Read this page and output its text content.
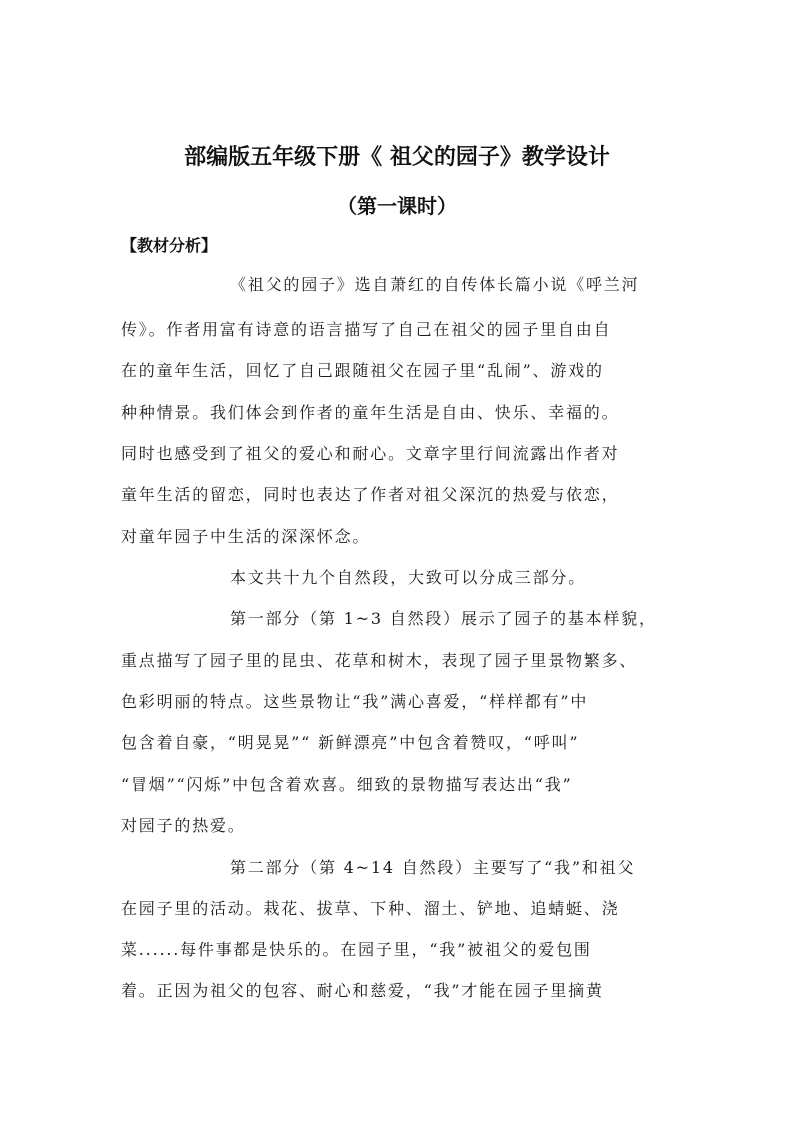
部编版五年级下册《 祖父的园子》教学设计
（第一课时）
【教材分析】
《祖父的园子》选自萧红的自传体长篇小说《呼兰河
传》。作者用富有诗意的语言描写了自己在祖父的园子里自由自
在的童年生活，回忆了自己跟随祖父在园子里“乱闹”、游戏的
种种情景。我们体会到作者的童年生活是自由、快乐、幸福的。
同时也感受到了祖父的爱心和耐心。文章字里行间流露出作者对
童年生活的留恋，同时也表达了作者对祖父深沉的热爱与依恋，
对童年园子中生活的深深怀念。
本文共十九个自然段，大致可以分成三部分。
第一部分（第 1~3 自然段）展示了园子的基本样貌，
重点描写了园子里的昆虫、花草和树木，表现了园子里景物繁多、
色彩明丽的特点。这些景物让“我”满心喜爱，“样样都有”中
包含着自豪，“明晃晃”“ 新鲜漂亮”中包含着赞叹，“呼叫”
“冒烟”“闪烁”中包含着欢喜。细致的景物描写表达出“我”
对园子的热爱。
第二部分（第 4~14 自然段）主要写了“我”和祖父
在园子里的活动。栽花、拔草、下种、溜土、铲地、追蜻蜓、浇
菜......每件事都是快乐的。在园子里，“我”被祖父的爱包围
着。正因为祖父的包容、耐心和慈爱，“我”才能在园子里摘黄
